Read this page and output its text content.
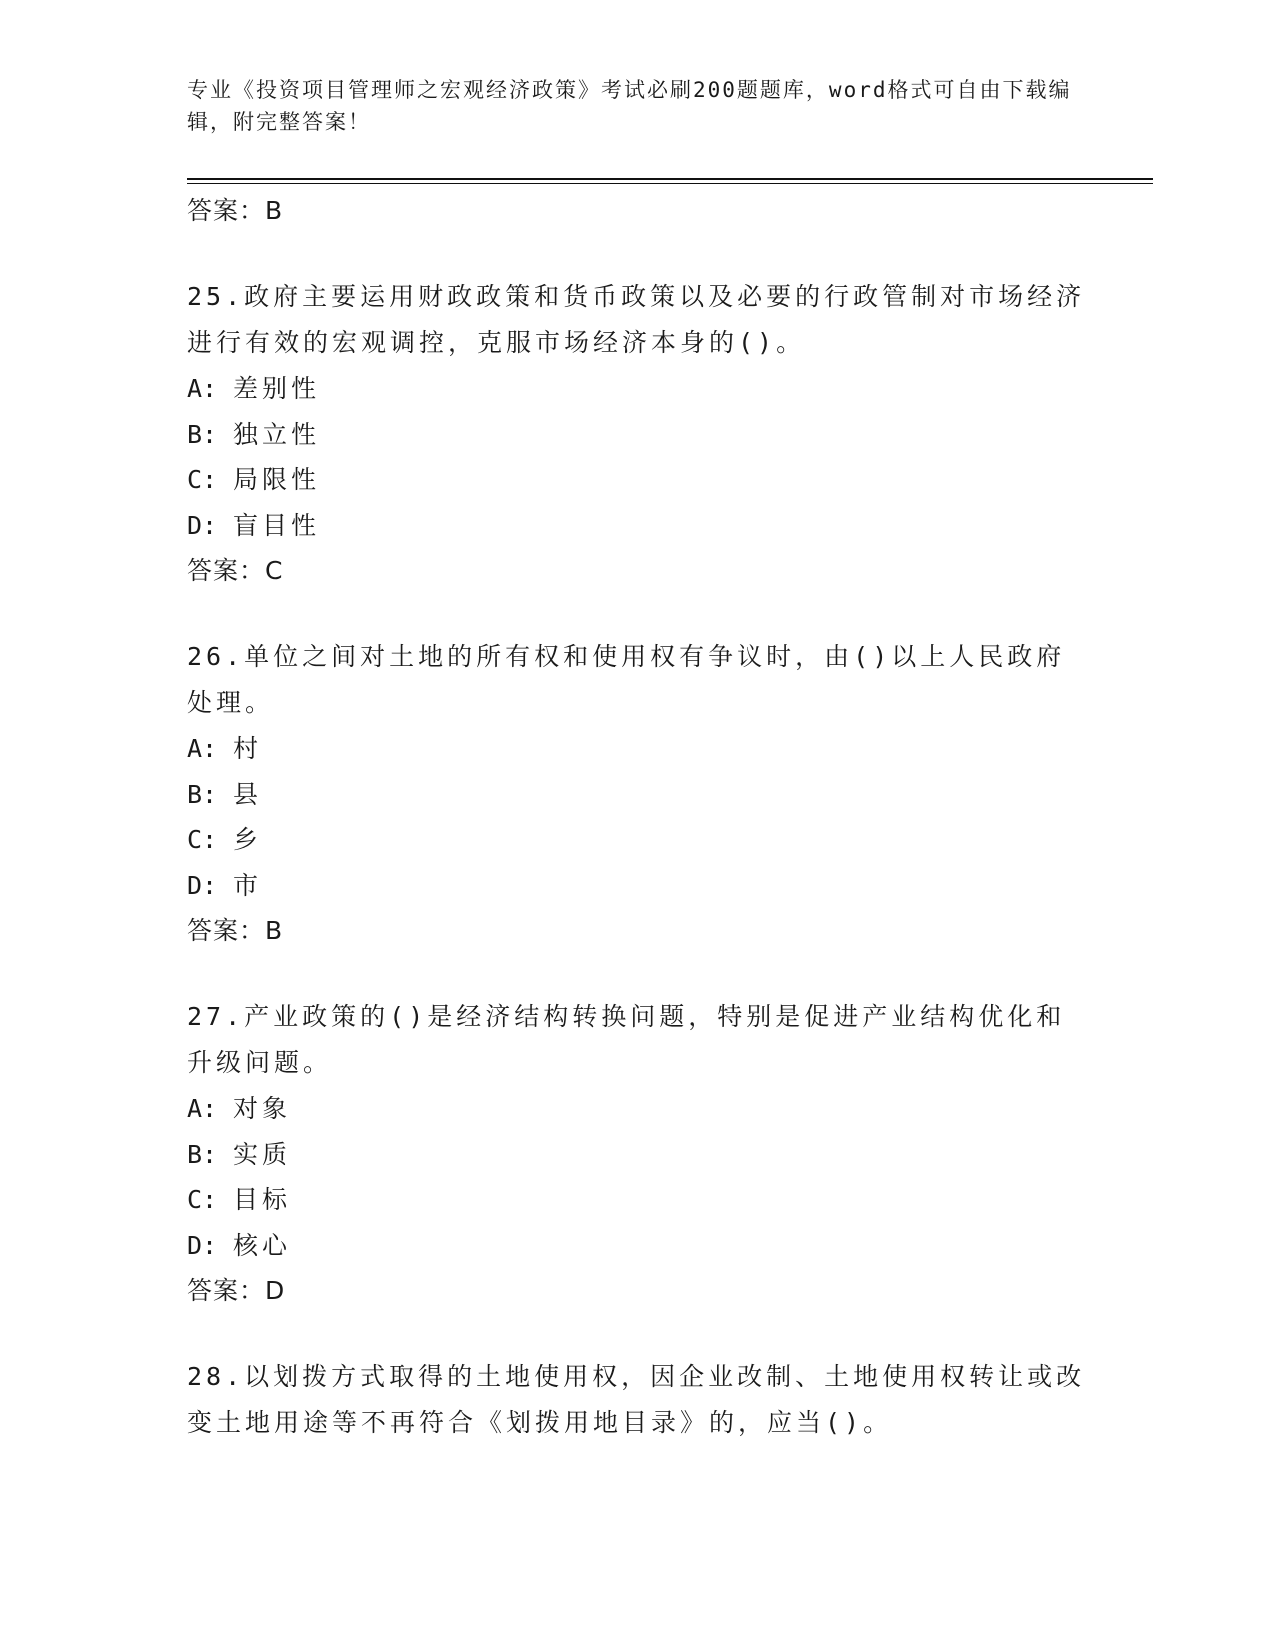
专业《投资项目管理师之宏观经济政策》考试必刷200题题库，word格式可自由下载编辑，附完整答案！
答案：B
25.政府主要运用财政政策和货币政策以及必要的行政管制对市场经济进行有效的宏观调控，克服市场经济本身的()。
A: 差别性
B: 独立性
C: 局限性
D: 盲目性
答案：C
26.单位之间对土地的所有权和使用权有争议时，由()以上人民政府处理。
A: 村
B: 县
C: 乡
D: 市
答案：B
27.产业政策的()是经济结构转换问题，特别是促进产业结构优化和升级问题。
A: 对象
B: 实质
C: 目标
D: 核心
答案：D
28.以划拨方式取得的土地使用权，因企业改制、土地使用权转让或改变土地用途等不再符合《划拨用地目录》的，应当()。
